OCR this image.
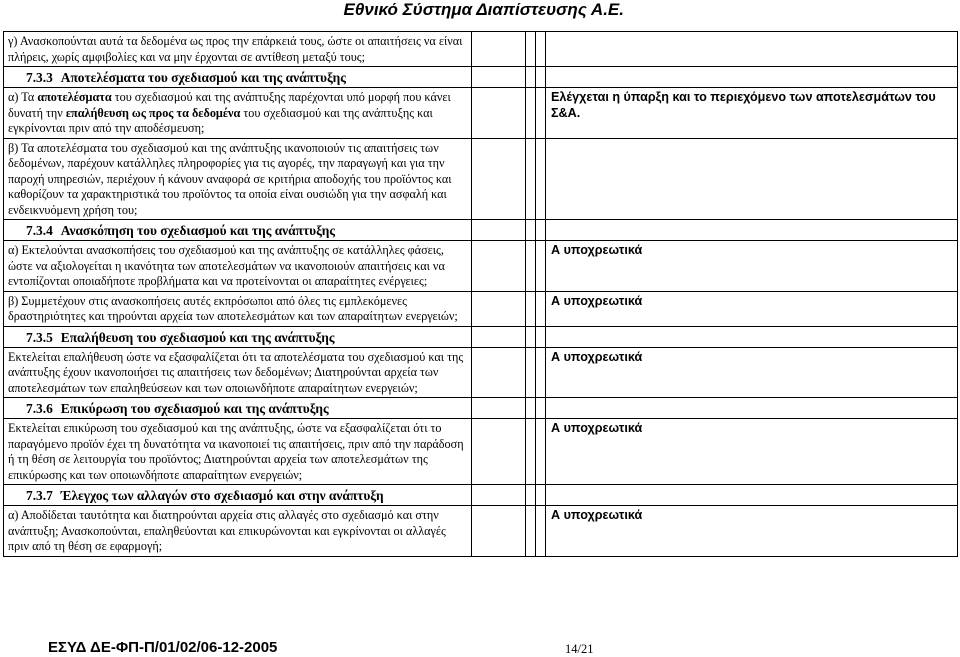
Εθνικό Σύστημα Διαπίστευσης Α.Ε.
γ) Ανασκοπούνται αυτά τα δεδομένα ως προς την επάρκειά τους, ώστε οι απαιτήσεις να είναι πλήρεις, χωρίς αμφιβολίες και να μην έρχονται σε αντίθεση μεταξύ τους;				

7.3.3 Αποτελέσματα του σχεδιασμού και της ανάπτυξης				

α) Τα αποτελέσματα του σχεδιασμού και της ανάπτυξης παρέχονται υπό μορφή που κάνει δυνατή την επαλήθευση ως προς τα δεδομένα του σχεδιασμού και της ανάπτυξης και εγκρίνονται πριν από την αποδέσμευση;				Ελέγχεται η ύπαρξη και το περιεχόμενο των αποτελεσμάτων του Σ&Α.

β) Τα αποτελέσματα του σχεδιασμού και της ανάπτυξης ικανοποιούν τις απαιτήσεις των δεδομένων, παρέχουν κατάλληλες πληροφορίες για τις αγορές, την παραγωγή και για την παροχή υπηρεσιών, περιέχουν ή κάνουν αναφορά σε κριτήρια αποδοχής του προϊόντος και καθορίζουν τα χαρακτηριστικά του προϊόντος τα οποία είναι ουσιώδη για την ασφαλή και ενδεικνυόμενη χρήση του;				

7.3.4 Ανασκόπηση του σχεδιασμού και της ανάπτυξης				

α) Εκτελούνται ανασκοπήσεις του σχεδιασμού και της ανάπτυξης σε κατάλληλες φάσεις, ώστε να αξιολογείται η ικανότητα των αποτελεσμάτων να ικανοποιούν απαιτήσεις και να εντοπίζονται οποιαδήποτε προβλήματα και να προτείνονται οι απαραίτητες ενέργειες;				Α υποχρεωτικά

β) Συμμετέχουν στις ανασκοπήσεις αυτές εκπρόσωποι από όλες τις εμπλεκόμενες δραστηριότητες και τηρούνται αρχεία των αποτελεσμάτων και των απαραίτητων ενεργειών;				Α υποχρεωτικά

7.3.5 Επαλήθευση του σχεδιασμού και της ανάπτυξης				

Εκτελείται επαλήθευση ώστε να εξασφαλίζεται ότι τα αποτελέσματα του σχεδιασμού και της ανάπτυξης έχουν ικανοποιήσει τις απαιτήσεις των δεδομένων; Διατηρούνται αρχεία των αποτελεσμάτων των επαληθεύσεων και των οποιωνδήποτε απαραίτητων ενεργειών;				Α υποχρεωτικά

7.3.6 Επικύρωση του σχεδιασμού και της ανάπτυξης				

Εκτελείται επικύρωση του σχεδιασμού και της ανάπτυξης, ώστε να εξασφαλίζεται ότι το παραγόμενο προϊόν έχει τη δυνατότητα να ικανοποιεί τις απαιτήσεις, πριν από την παράδοση ή τη θέση σε λειτουργία του προϊόντος; Διατηρούνται αρχεία των αποτελεσμάτων της επικύρωσης και των οποιωνδήποτε απαραίτητων ενεργειών;				Α υποχρεωτικά

7.3.7 Έλεγχος των αλλαγών στο σχεδιασμό και στην ανάπτυξη				

α) Αποδίδεται ταυτότητα και διατηρούνται αρχεία στις αλλαγές στο σχεδιασμό και στην ανάπτυξη; Ανασκοπούνται, επαληθεύονται και επικυρώνονται και εγκρίνονται οι αλλαγές πριν από τη θέση σε εφαρμογή;				Α υποχρεωτικά
ΕΣΥΔ ΔΕ-ΦΠ-Π/01/02/06-12-2005	14/21
